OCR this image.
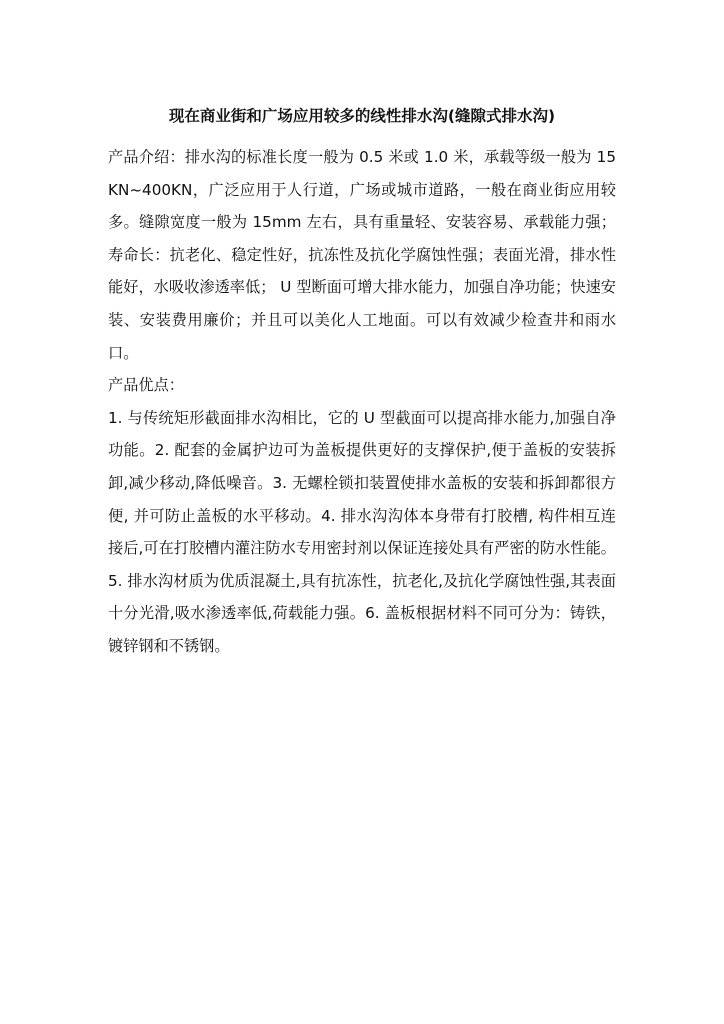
现在商业街和广场应用较多的线性排水沟(缝隙式排水沟)

产品介绍：排水沟的标准长度一般为 0.5 米或 1.0 米，承载等级一般为 15KN~400KN，广泛应用于人行道，广场或城市道路，一般在商业街应用较多。缝隙宽度一般为 15mm 左右，具有重量轻、安装容易、承载能力强； 寿命长：抗老化、稳定性好，抗冻性及抗化学腐蚀性强；表面光滑，排水性能好，水吸收渗透率低； U 型断面可增大排水能力，加强自净功能；快速安装、安装费用廉价；并且可以美化人工地面。可以有效减少检查井和雨水口。

产品优点：

1. 与传统矩形截面排水沟相比，它的 U 型截面可以提高排水能力,加强自净功能。2. 配套的金属护边可为盖板提供更好的支撑保护,便于盖板的安装拆卸,减少移动,降低噪音。3. 无螺栓锁扣装置使排水盖板的安装和拆卸都很方便, 并可防止盖板的水平移动。4. 排水沟沟体本身带有打胶槽, 构件相互连接后,可在打胶槽内灌注防水专用密封剂以保证连接处具有严密的防水性能。5. 排水沟材质为优质混凝土,具有抗冻性，抗老化,及抗化学腐蚀性强,其表面十分光滑,吸水渗透率低,荷载能力强。6. 盖板根据材料不同可分为：铸铁，镀锌钢和不锈钢。
